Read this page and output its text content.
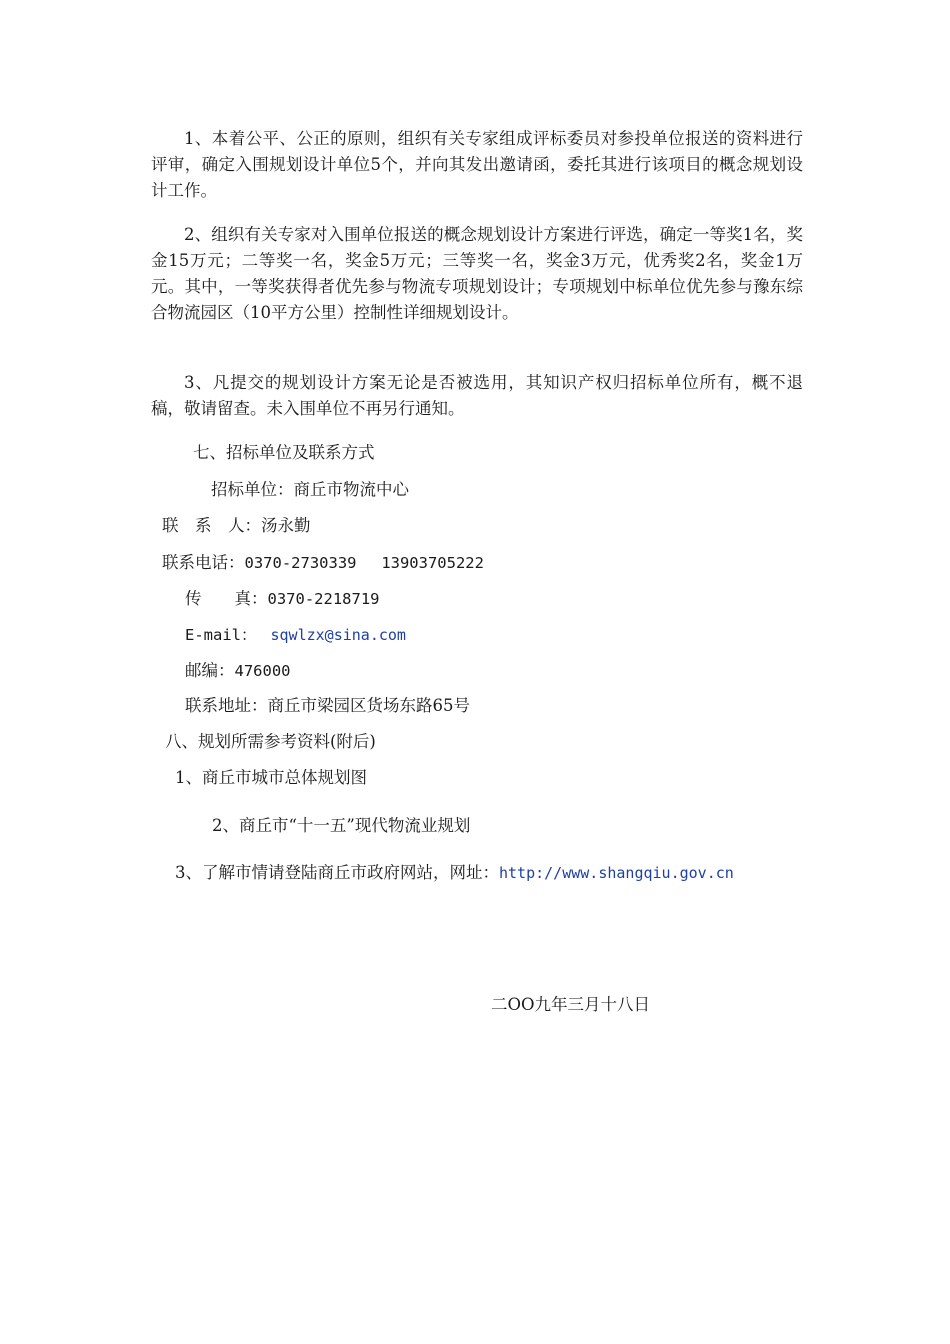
1、本着公平、公正的原则，组织有关专家组成评标委员对参投单位报送的资料进行评审，确定入围规划设计单位5个，并向其发出邀请函，委托其进行该项目的概念规划设计工作。

2、组织有关专家对入围单位报送的概念规划设计方案进行评选，确定一等奖1名，奖金15万元；二等奖一名，奖金5万元；三等奖一名，奖金3万元，优秀奖2名，奖金1万元。其中，一等奖获得者优先参与物流专项规划设计；专项规划中标单位优先参与豫东综合物流园区（10平方公里）控制性详细规划设计。

3、凡提交的规划设计方案无论是否被选用，其知识产权归招标单位所有，概不退稿，敬请留查。未入围单位不再另行通知。

七、招标单位及联系方式

招标单位：商丘市物流中心

联　系　人：汤永勤

联系电话：0370-2730339　 13903705222

传　　真：0370-2218719

E-mail： sqwlzx@sina.com

邮编：476000

联系地址：商丘市梁园区货场东路65号

八、规划所需参考资料(附后)

1、商丘市城市总体规划图

2、商丘市“十一五”现代物流业规划

3、了解市情请登陆商丘市政府网站，网址：http://www.shangqiu.gov.cn

二OO九年三月十八日
